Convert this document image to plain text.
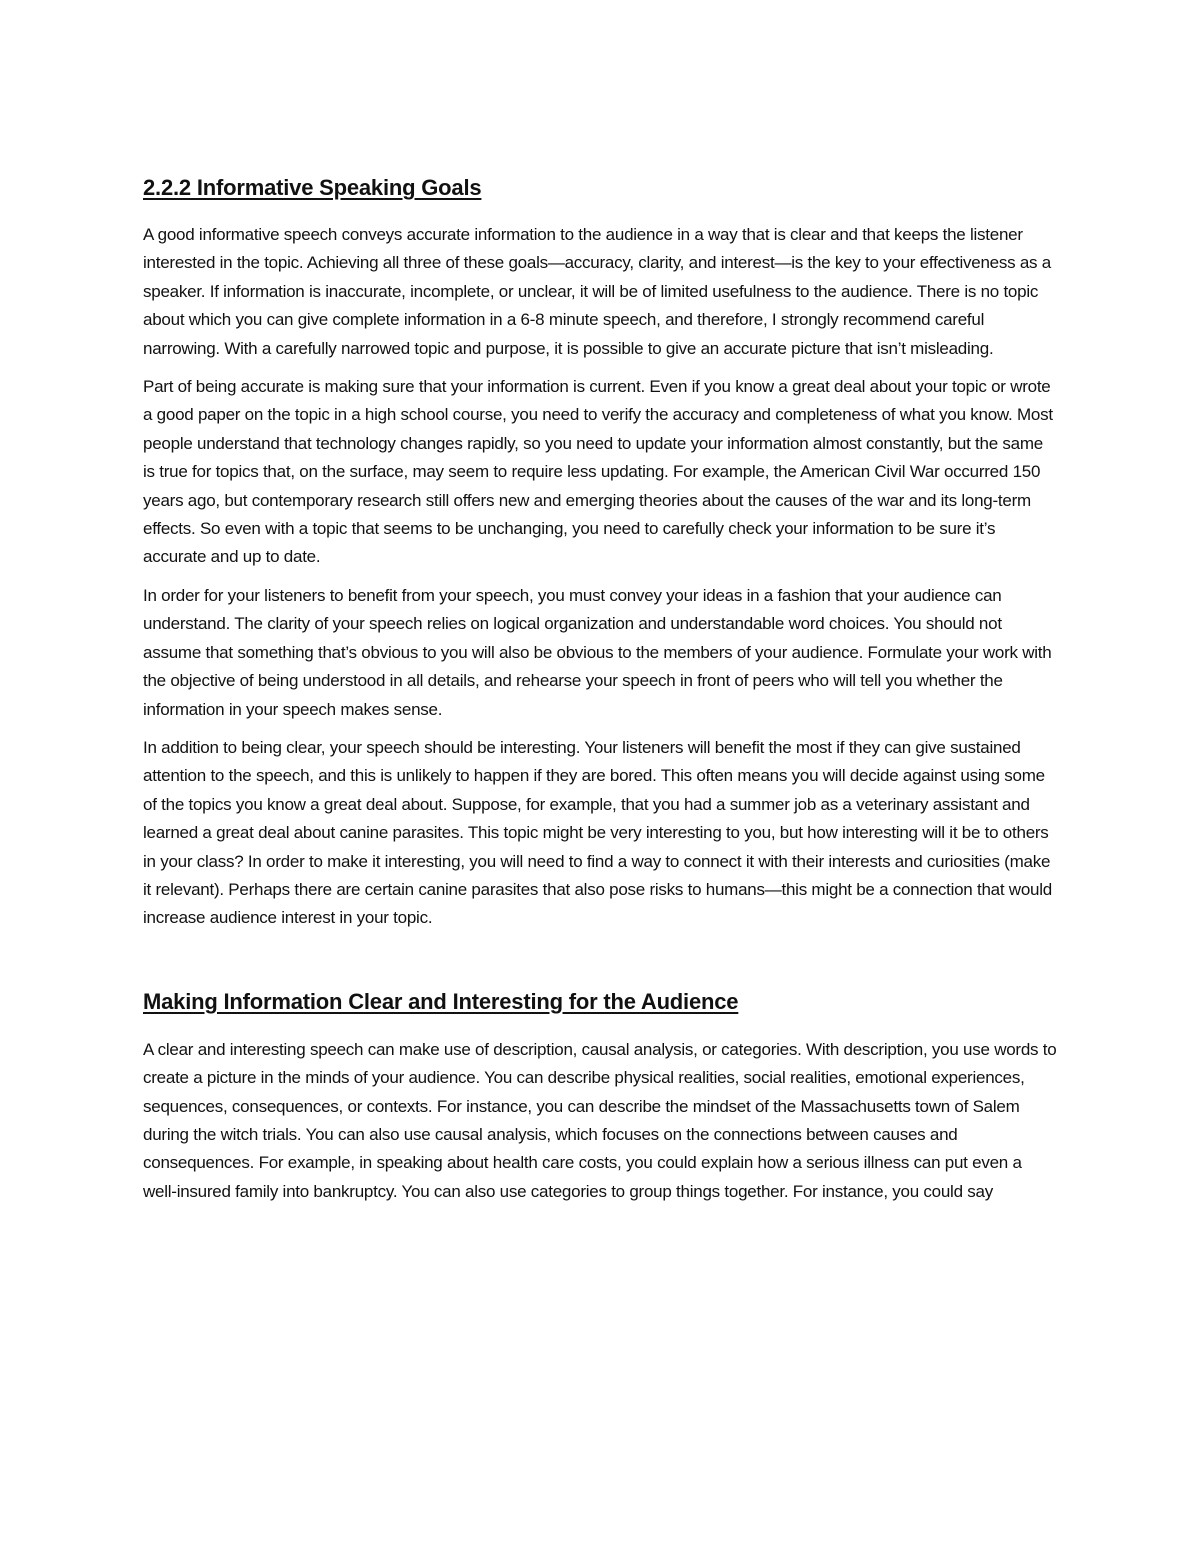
2.2.2 Informative Speaking Goals

A good informative speech conveys accurate information to the audience in a way that is clear and that keeps the listener interested in the topic. Achieving all three of these goals—accuracy, clarity, and interest—is the key to your effectiveness as a speaker. If information is inaccurate, incomplete, or unclear, it will be of limited usefulness to the audience. There is no topic about which you can give complete information in a 6-8 minute speech, and therefore, I strongly recommend careful narrowing. With a carefully narrowed topic and purpose, it is possible to give an accurate picture that isn’t misleading.

Part of being accurate is making sure that your information is current. Even if you know a great deal about your topic or wrote a good paper on the topic in a high school course, you need to verify the accuracy and completeness of what you know. Most people understand that technology changes rapidly, so you need to update your information almost constantly, but the same is true for topics that, on the surface, may seem to require less updating. For example, the American Civil War occurred 150 years ago, but contemporary research still offers new and emerging theories about the causes of the war and its long-term effects. So even with a topic that seems to be unchanging, you need to carefully check your information to be sure it’s accurate and up to date.

In order for your listeners to benefit from your speech, you must convey your ideas in a fashion that your audience can understand. The clarity of your speech relies on logical organization and understandable word choices. You should not assume that something that’s obvious to you will also be obvious to the members of your audience. Formulate your work with the objective of being understood in all details, and rehearse your speech in front of peers who will tell you whether the information in your speech makes sense.

In addition to being clear, your speech should be interesting. Your listeners will benefit the most if they can give sustained attention to the speech, and this is unlikely to happen if they are bored. This often means you will decide against using some of the topics you know a great deal about. Suppose, for example, that you had a summer job as a veterinary assistant and learned a great deal about canine parasites. This topic might be very interesting to you, but how interesting will it be to others in your class? In order to make it interesting, you will need to find a way to connect it with their interests and curiosities (make it relevant). Perhaps there are certain canine parasites that also pose risks to humans—this might be a connection that would increase audience interest in your topic.

Making Information Clear and Interesting for the Audience

A clear and interesting speech can make use of description, causal analysis, or categories. With description, you use words to create a picture in the minds of your audience. You can describe physical realities, social realities, emotional experiences, sequences, consequences, or contexts. For instance, you can describe the mindset of the Massachusetts town of Salem during the witch trials. You can also use causal analysis, which focuses on the connections between causes and consequences. For example, in speaking about health care costs, you could explain how a serious illness can put even a well-insured family into bankruptcy. You can also use categories to group things together. For instance, you could say
